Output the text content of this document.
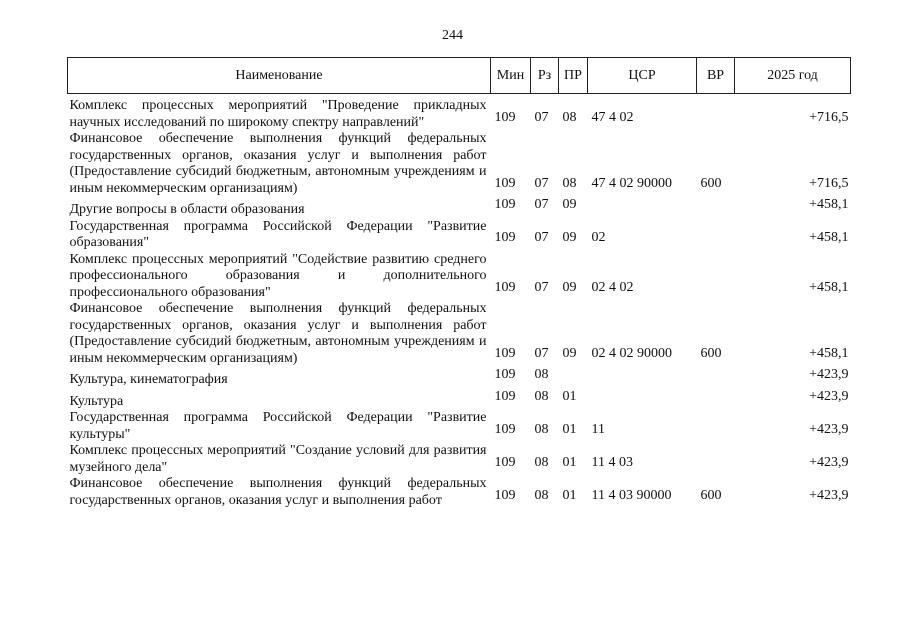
244
Наименование	Мин	Рз	ПР	ЦСР	ВР	2025 год
Комплекс процессных мероприятий "Проведение прикладных научных исследований по широкому спектру направлений"	109	07	08	47 4 02		+716,5
Финансовое обеспечение выполнения функций федеральных государственных органов, оказания услуг и выполнения работ (Предоставление субсидий бюджетным, автономным учреждениям и иным некоммерческим организациям)	109	07	08	47 4 02 90000	600	+716,5
Другие вопросы в области образования	109	07	09			+458,1
Государственная программа Российской Федерации "Развитие образования"	109	07	09	02		+458,1
Комплекс процессных мероприятий "Содействие развитию среднего профессионального образования и дополнительного профессионального образования"	109	07	09	02 4 02		+458,1
Финансовое обеспечение выполнения функций федеральных государственных органов, оказания услуг и выполнения работ (Предоставление субсидий бюджетным, автономным учреждениям и иным некоммерческим организациям)	109	07	09	02 4 02 90000	600	+458,1
Культура, кинематография	109	08				+423,9
Культура	109	08	01			+423,9
Государственная программа Российской Федерации "Развитие культуры"	109	08	01	11		+423,9
Комплекс процессных мероприятий "Создание условий для развития музейного дела"	109	08	01	11 4 03		+423,9
Финансовое обеспечение выполнения функций федеральных государственных органов, оказания услуг и выполнения работ	109	08	01	11 4 03 90000	600	+423,9
